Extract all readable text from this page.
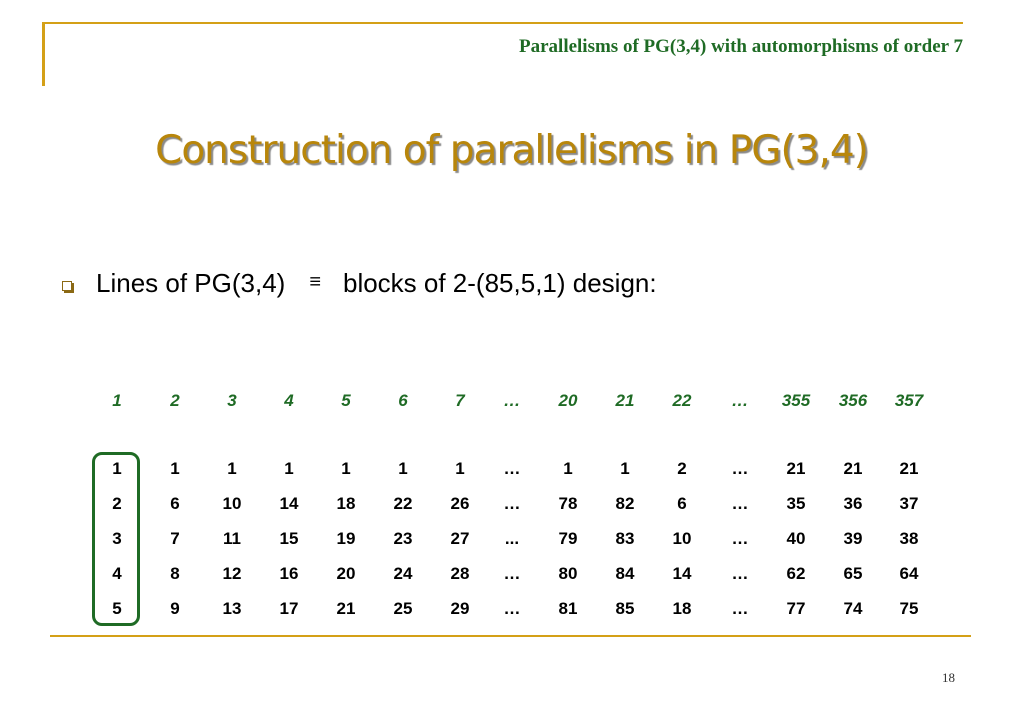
Parallelisms of PG(3,4) with automorphisms of order 7
Construction of parallelisms in PG(3,4)
Lines of PG(3,4) ≡ blocks of 2-(85,5,1) design:
1	2	3	4	5	6	7	…	20	21	22	…	355	356	357
1	1	1	1	1	1	1	…	1	1	2	…	21	21	21
2	6	10	14	18	22	26	…	78	82	6	…	35	36	37
3	7	11	15	19	23	27	...	79	83	10	…	40	39	38
4	8	12	16	20	24	28	…	80	84	14	…	62	65	64
5	9	13	17	21	25	29	…	81	85	18	…	77	74	75
18
